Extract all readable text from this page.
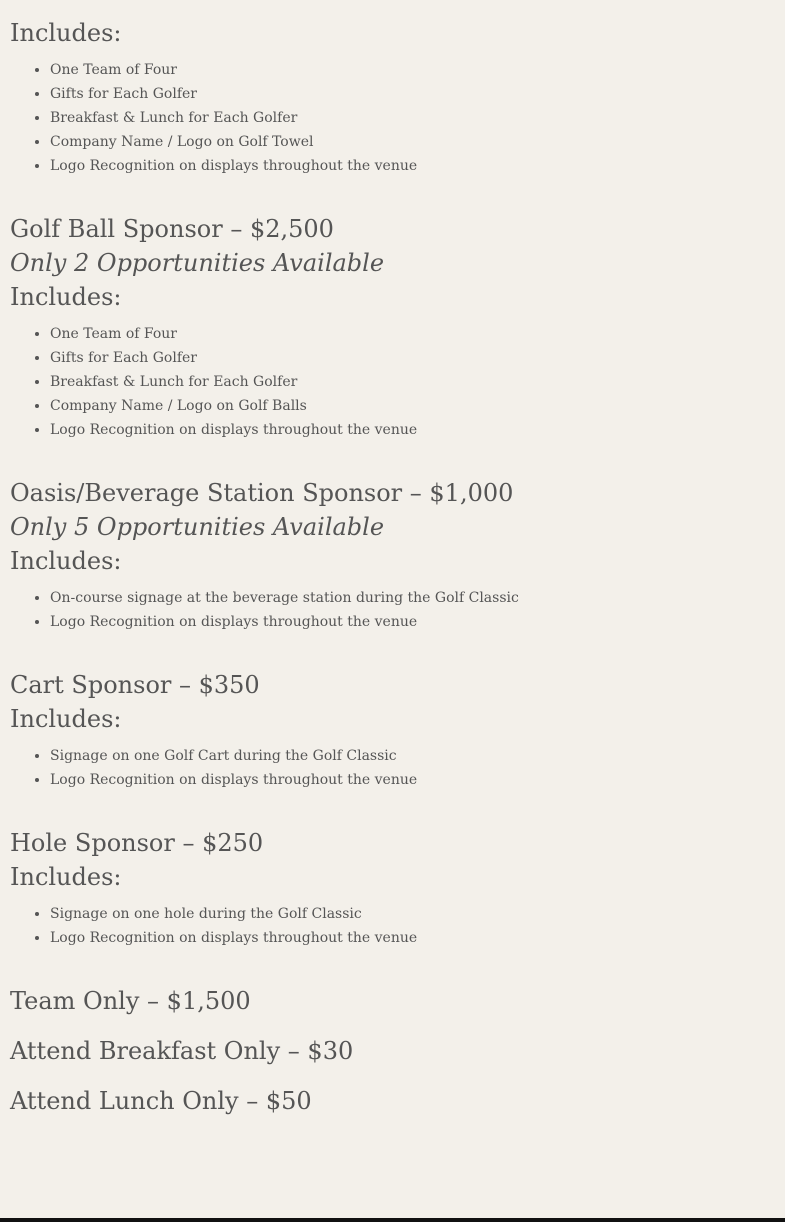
Includes:
• One Team of Four
• Gifts for Each Golfer
• Breakfast & Lunch for Each Golfer
• Company Name / Logo on Golf Towel
• Logo Recognition on displays throughout the venue
Golf Ball Sponsor – $2,500
Only 2 Opportunities Available
Includes:
• One Team of Four
• Gifts for Each Golfer
• Breakfast & Lunch for Each Golfer
• Company Name / Logo on Golf Balls
• Logo Recognition on displays throughout the venue
Oasis/Beverage Station Sponsor – $1,000
Only 5 Opportunities Available
Includes:
• On-course signage at the beverage station during the Golf Classic
• Logo Recognition on displays throughout the venue
Cart Sponsor – $350
Includes:
• Signage on one Golf Cart during the Golf Classic
• Logo Recognition on displays throughout the venue
Hole Sponsor – $250
Includes:
• Signage on one hole during the Golf Classic
• Logo Recognition on displays throughout the venue
Team Only – $1,500
Attend Breakfast Only – $30
Attend Lunch Only – $50
